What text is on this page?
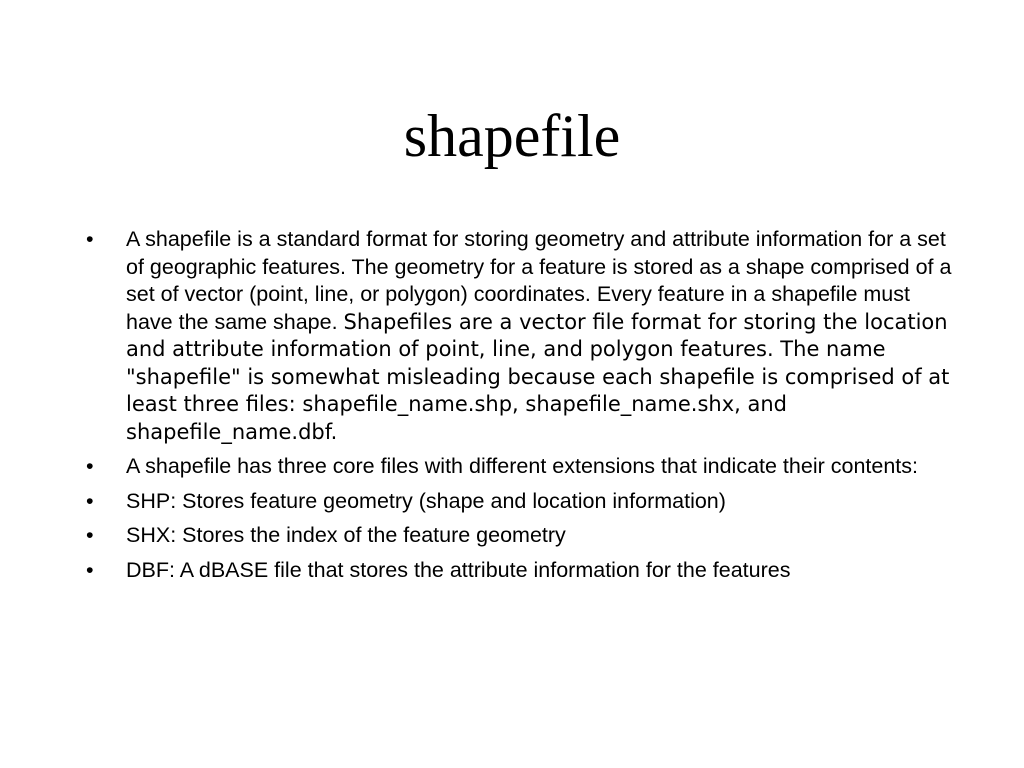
shapefile
• A shapefile is a standard format for storing geometry and attribute information for a set of geographic features. The geometry for a feature is stored as a shape comprised of a set of vector (point, line, or polygon) coordinates. Every feature in a shapefile must have the same shape. Shapefiles are a vector file format for storing the location and attribute information of point, line, and polygon features. The name "shapefile" is somewhat misleading because each shapefile is comprised of at least three files: shapefile_name.shp, shapefile_name.shx, and shapefile_name.dbf.
• A shapefile has three core files with different extensions that indicate their contents:
• SHP: Stores feature geometry (shape and location information)
• SHX: Stores the index of the feature geometry
• DBF: A dBASE file that stores the attribute information for the features
